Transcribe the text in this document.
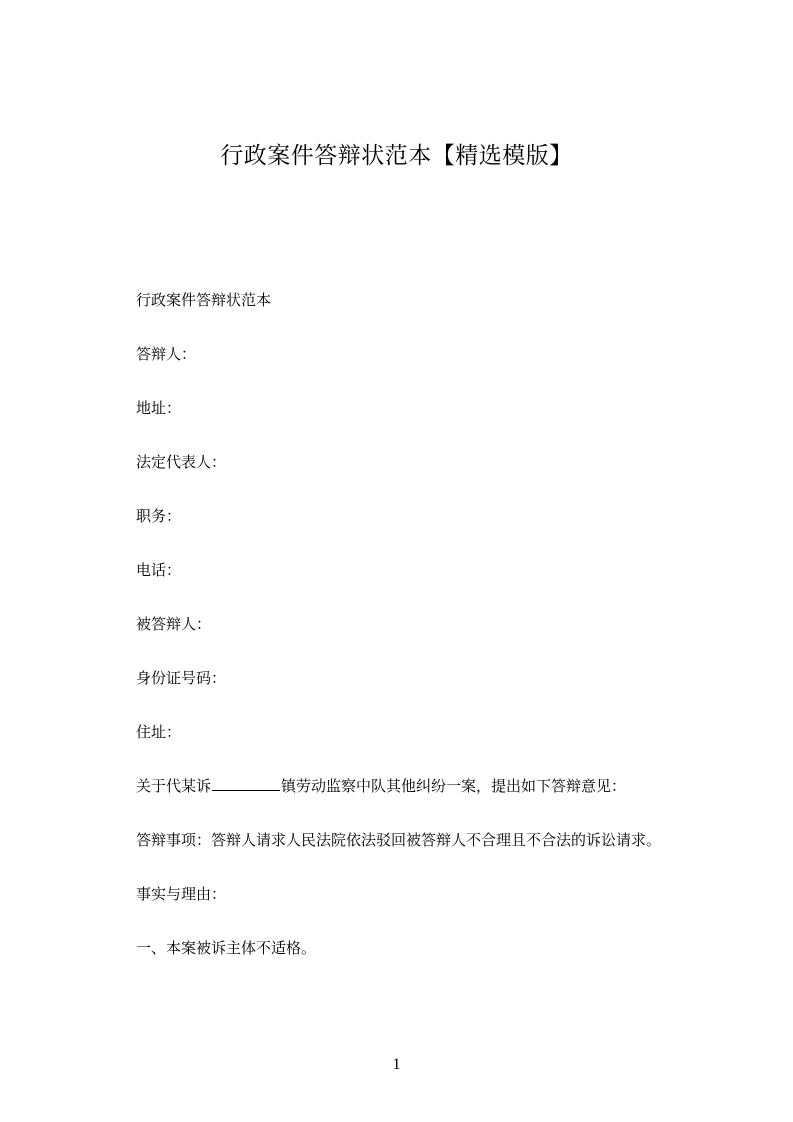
行政案件答辩状范本【精选模版】
行政案件答辩状范本
答辩人：
地址：
法定代表人：
职务：
电话：
被答辩人：
身份证号码：
住址：
关于代某诉	镇劳动监察中队其他纠纷一案，提出如下答辩意见：
答辩事项：答辩人请求人民法院依法驳回被答辩人不合理且不合法的诉讼请求。
事实与理由：
一、本案被诉主体不适格。
1
